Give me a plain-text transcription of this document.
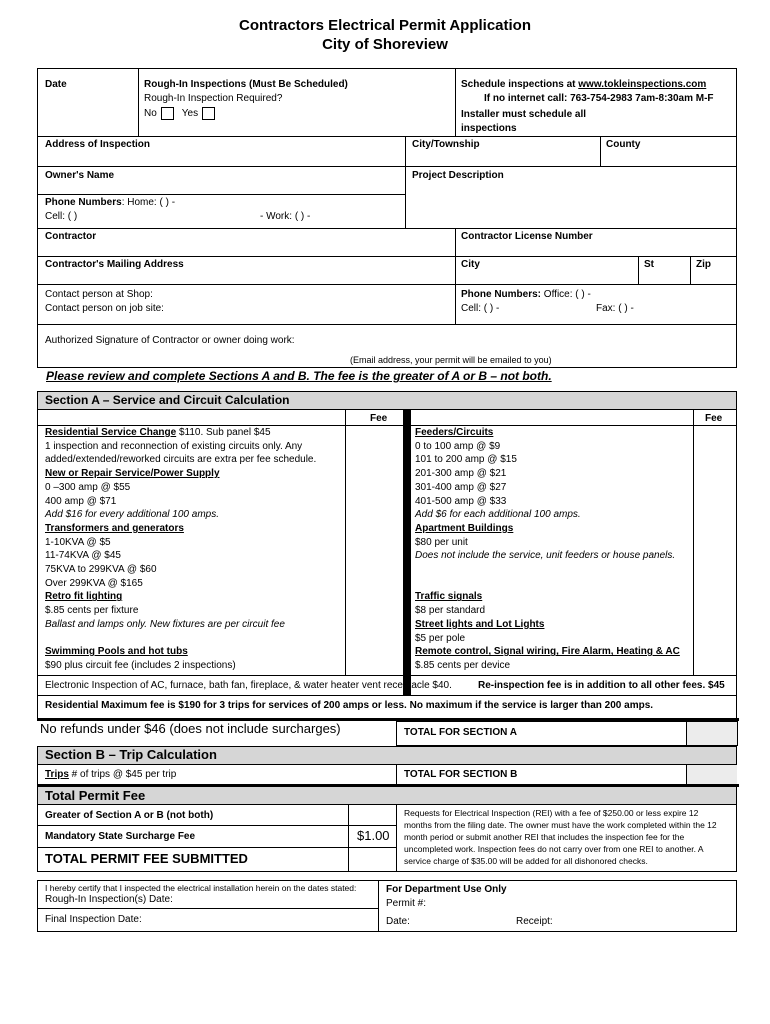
Contractors Electrical Permit Application
City of Shoreview
Date	Rough-In Inspections (Must Be Scheduled)
Rough-In Inspection Required?
No	Yes
Schedule inspections at www.tokleinspections.com
If no internet call: 763-754-2983 7am-8:30am M-F
Installer must schedule all
inspections
Address of Inspection	City/Township	County
Owner's Name	Project Description
Phone Numbers: Home: ( ) -
Cell: ( )	- Work: ( ) -
Contractor	Contractor License Number
Contractor's Mailing Address	City	St	Zip
Contact person at Shop:
Contact person on job site:
Phone Numbers: Office: ( ) -
Cell: ( ) -	Fax: ( ) -
Authorized Signature of Contractor or owner doing work:
(Email address, your permit will be emailed to you)
Please review and complete Sections A and B. The fee is the greater of A or B – not both.
Section A – Service and Circuit Calculation
Fee	Fee
Residential Service Change $110. Sub panel $45
1 inspection and reconnection of existing circuits only. Any
added/extended/reworked circuits are extra per fee schedule.
New or Repair Service/Power Supply
0 –300 amp @ $55
400 amp @ $71
Add $16 for every additional 100 amps.
Transformers and generators
1-10KVA @ $5
11-74KVA @ $45
75KVA to 299KVA @ $60
Over 299KVA @ $165
Retro fit lighting
$.85 cents per fixture
Ballast and lamps only. New fixtures are per circuit fee
Swimming Pools and hot tubs
$90 plus circuit fee (includes 2 inspections)
Feeders/Circuits
0 to 100 amp @ $9
101 to 200 amp @ $15
201-300 amp @ $21
301-400 amp @ $27
401-500 amp @ $33
Add $6 for each additional 100 amps.
Apartment Buildings
$80 per unit
Does not include the service, unit feeders or house panels.
Traffic signals
$8 per standard
Street lights and Lot Lights
$5 per pole
Remote control, Signal wiring, Fire Alarm, Heating & AC
$.85 cents per device
Electronic Inspection of AC, furnace, bath fan, fireplace, & water heater vent receptacle $40.	Re-inspection fee is in addition to all other fees. $45
Residential Maximum fee is $190 for 3 trips for services of 200 amps or less. No maximum if the service is larger than 200 amps.
No refunds under $46 (does not include surcharges)	TOTAL FOR SECTION A
Section B – Trip Calculation
Trips # of trips @ $45 per trip	TOTAL FOR SECTION B
Total Permit Fee
Greater of Section A or B (not both)
Mandatory State Surcharge Fee	$1.00
TOTAL PERMIT FEE SUBMITTED
Requests for Electrical Inspection (REI) with a fee of $250.00 or less expire 12
months from the filing date. The owner must have the work completed within the 12
month period or submit another REI that includes the inspection fee for the
uncompleted work. Inspection fees do not carry over from one REI to another. A
service charge of $35.00 will be added for all dishonored checks.
I hereby certify that I inspected the electrical installation herein on the dates stated:
Rough-In Inspection(s) Date:
Final Inspection Date:
For Department Use Only
Permit #:
Date:	Receipt:
